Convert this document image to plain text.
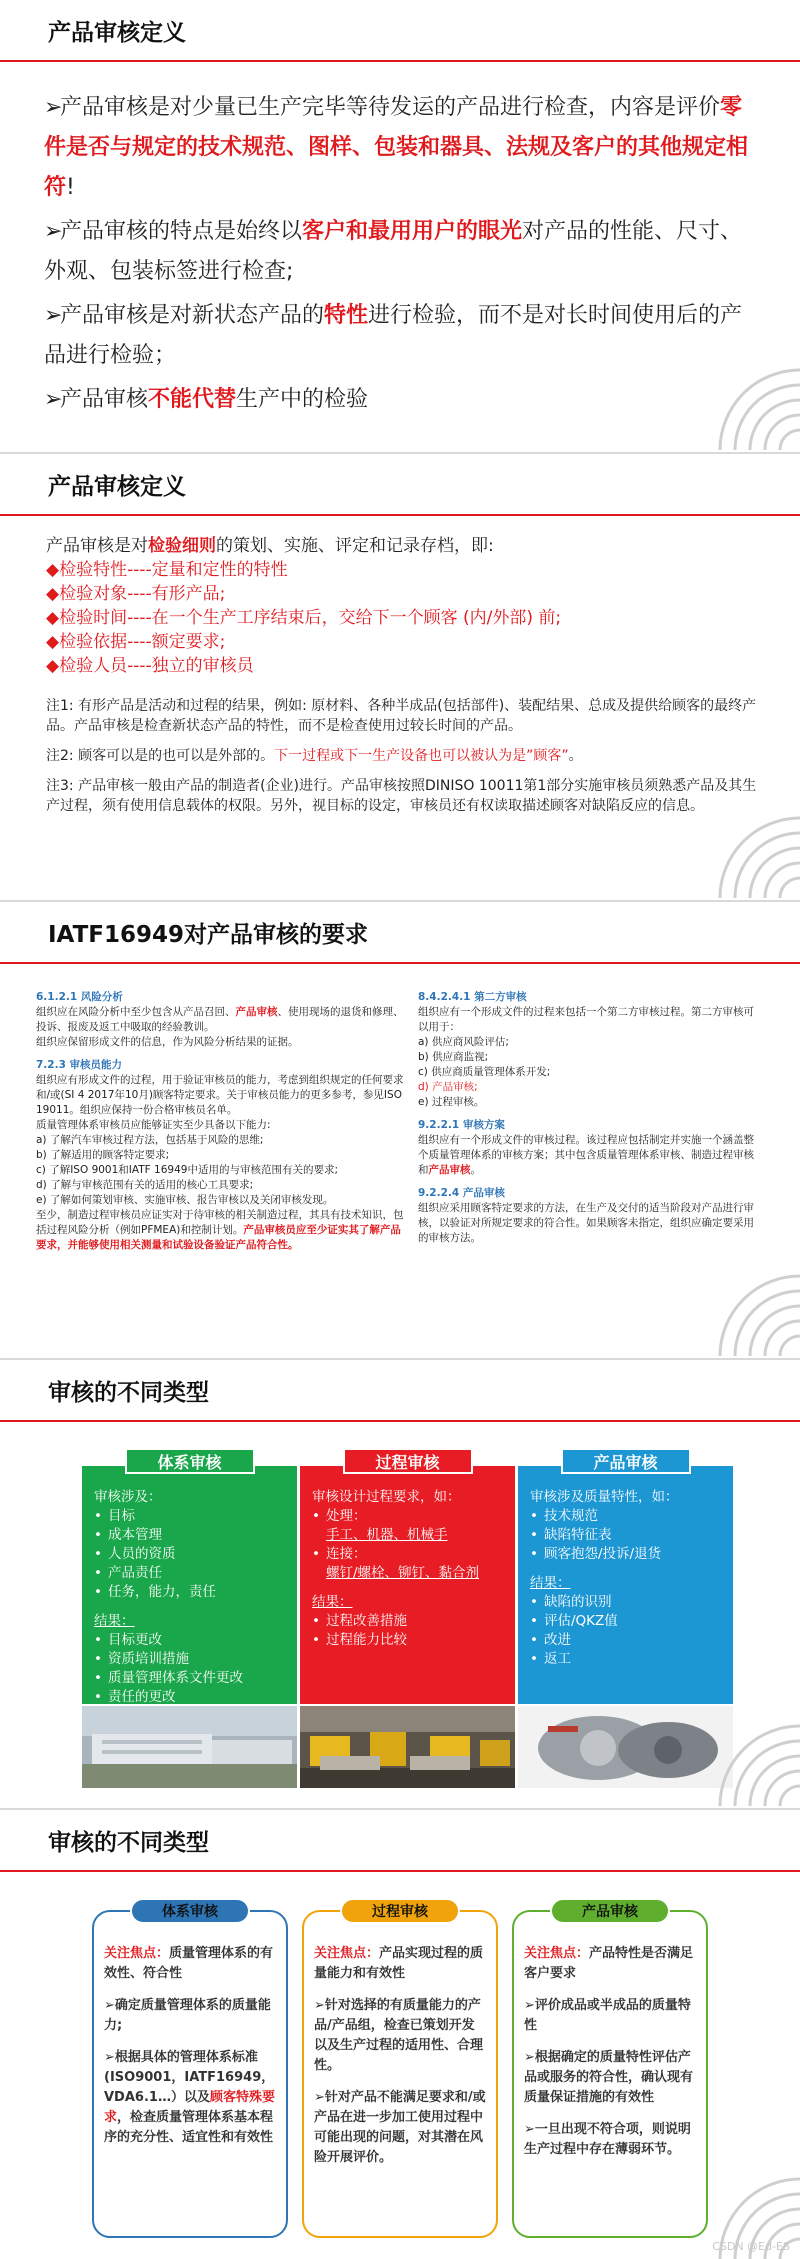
产品审核定义
➢产品审核是对少量已生产完毕等待发运的产品进行检查，内容是评价零件是否与规定的技术规范、图样、包装和器具、法规及客户的其他规定相符!
➢产品审核的特点是始终以客户和最用用户的眼光对产品的性能、尺寸、外观、包装标签进行检查;
➢产品审核是对新状态产品的特性进行检验，而不是对长时间使用后的产品进行检验；
➢产品审核不能代替生产中的检验
产品审核定义
产品审核是对检验细则的策划、实施、评定和记录存档，即:
◆检验特性----定量和定性的特性
◆检验对象----有形产品;
◆检验时间----在一个生产工序结束后，交给下一个顾客 (内/外部) 前;
◆检验依据----额定要求;
◆检验人员----独立的审核员
注1: 有形产品是活动和过程的结果，例如: 原材料、各种半成品(包括部件)、装配结果、总成及提供给顾客的最终产品。产品审核是检查新状态产品的特性，而不是检查使用过较长时间的产品。
注2: 顾客可以是的也可以是外部的。下一过程或下一生产设备也可以被认为是”顾客”。
注3: 产品审核一般由产品的制造者(企业)进行。产品审核按照DINISO 10011第1部分实施审核员须熟悉产品及其生产过程，须有使用信息载体的权限。另外，视目标的设定，审核员还有权读取描述顾客对缺陷反应的信息。
IATF16949对产品审核的要求
6.1.2.1 风险分析
组织应在风险分析中至少包含从产品召回、产品审核、使用现场的退货和修理、投诉、报废及返工中吸取的经验教训。
组织应保留形成文件的信息，作为风险分析结果的证据。
7.2.3 审核员能力
组织应有形成文件的过程，用于验证审核员的能力，考虑到组织规定的任何要求和/或(SI 4 2017年10月)顾客特定要求。关于审核员能力的更多参考，参见ISO 19011。组织应保持一份合格审核员名单。
质量管理体系审核员应能够证实至少具备以下能力:
a) 了解汽车审核过程方法，包括基于风险的思维;
b) 了解适用的顾客特定要求;
c) 了解ISO 9001和IATF 16949中适用的与审核范围有关的要求;
d) 了解与审核范围有关的适用的核心工具要求;
e) 了解如何策划审核、实施审核、报告审核以及关闭审核发现。
至少，制造过程审核员应证实对于待审核的相关制造过程，其具有技术知识，包括过程风险分析（例如PFMEA)和控制计划。产品审核员应至少证实其了解产品要求，并能够使用相关测量和试验设备验证产品符合性。
8.4.2.4.1 第二方审核
组织应有一个形成文件的过程来包括一个第二方审核过程。第二方审核可以用于：
a) 供应商风险评估;
b) 供应商监视;
c) 供应商质量管理体系开发;
d) 产品审核;
e) 过程审核。
9.2.2.1 审核方案
组织应有一个形成文件的审核过程。该过程应包括制定并实施一个涵盖整个质量管理体系的审核方案；其中包含质量管理体系审核、制造过程审核和产品审核。
9.2.2.4 产品审核
组织应采用顾客特定要求的方法，在生产及交付的适当阶段对产品进行审核，以验证对所规定要求的符合性。如果顾客未指定，组织应确定要采用的审核方法。
审核的不同类型
审核涉及：
• 目标
• 成本管理
• 人员的资质
• 产品责任
• 任务，能力，责任
结果：
• 目标更改
• 资质培训措施
• 质量管理体系文件更改
• 责任的更改
体系审核
审核设计过程要求，如：
• 处理：
手工、机器、机械手
• 连接：
螺钉/螺栓、铆钉、黏合剂
结果：
• 过程改善措施
• 过程能力比较
过程审核
审核涉及质量特性，如：
• 技术规范
• 缺陷特征表
• 顾客抱怨/投诉/退货
结果：
• 缺陷的识别
• 评估/QKZ值
• 改进
• 返工
产品审核
审核的不同类型
体系审核

关注焦点：质量管理体系的有效性、符合性

➢确定质量管理体系的质量能力;

➢根据具体的管理体系标准(ISO9001，IATF16949，VDA6.1…）以及顾客特殊要求，检查质量管理体系基本程序的充分性、适宜性和有效性

过程审核

关注焦点：产品实现过程的质量能力和有效性

➢针对选择的有质量能力的产品/产品组，检查已策划开发以及生产过程的适用性、合理性。

➢针对产品不能满足要求和/或产品在进一步加工使用过程中可能出现的问题，对其潜在风险开展评价。

产品审核

关注焦点：产品特性是否满足客户要求

➢评价成品或半成品的质量特性

➢根据确定的质量特性评估产品或服务的符合性，确认现有质量保证措施的有效性

➢一旦出现不符合项，则说明生产过程中存在薄弱环节。

CSDN @Ed-ES
